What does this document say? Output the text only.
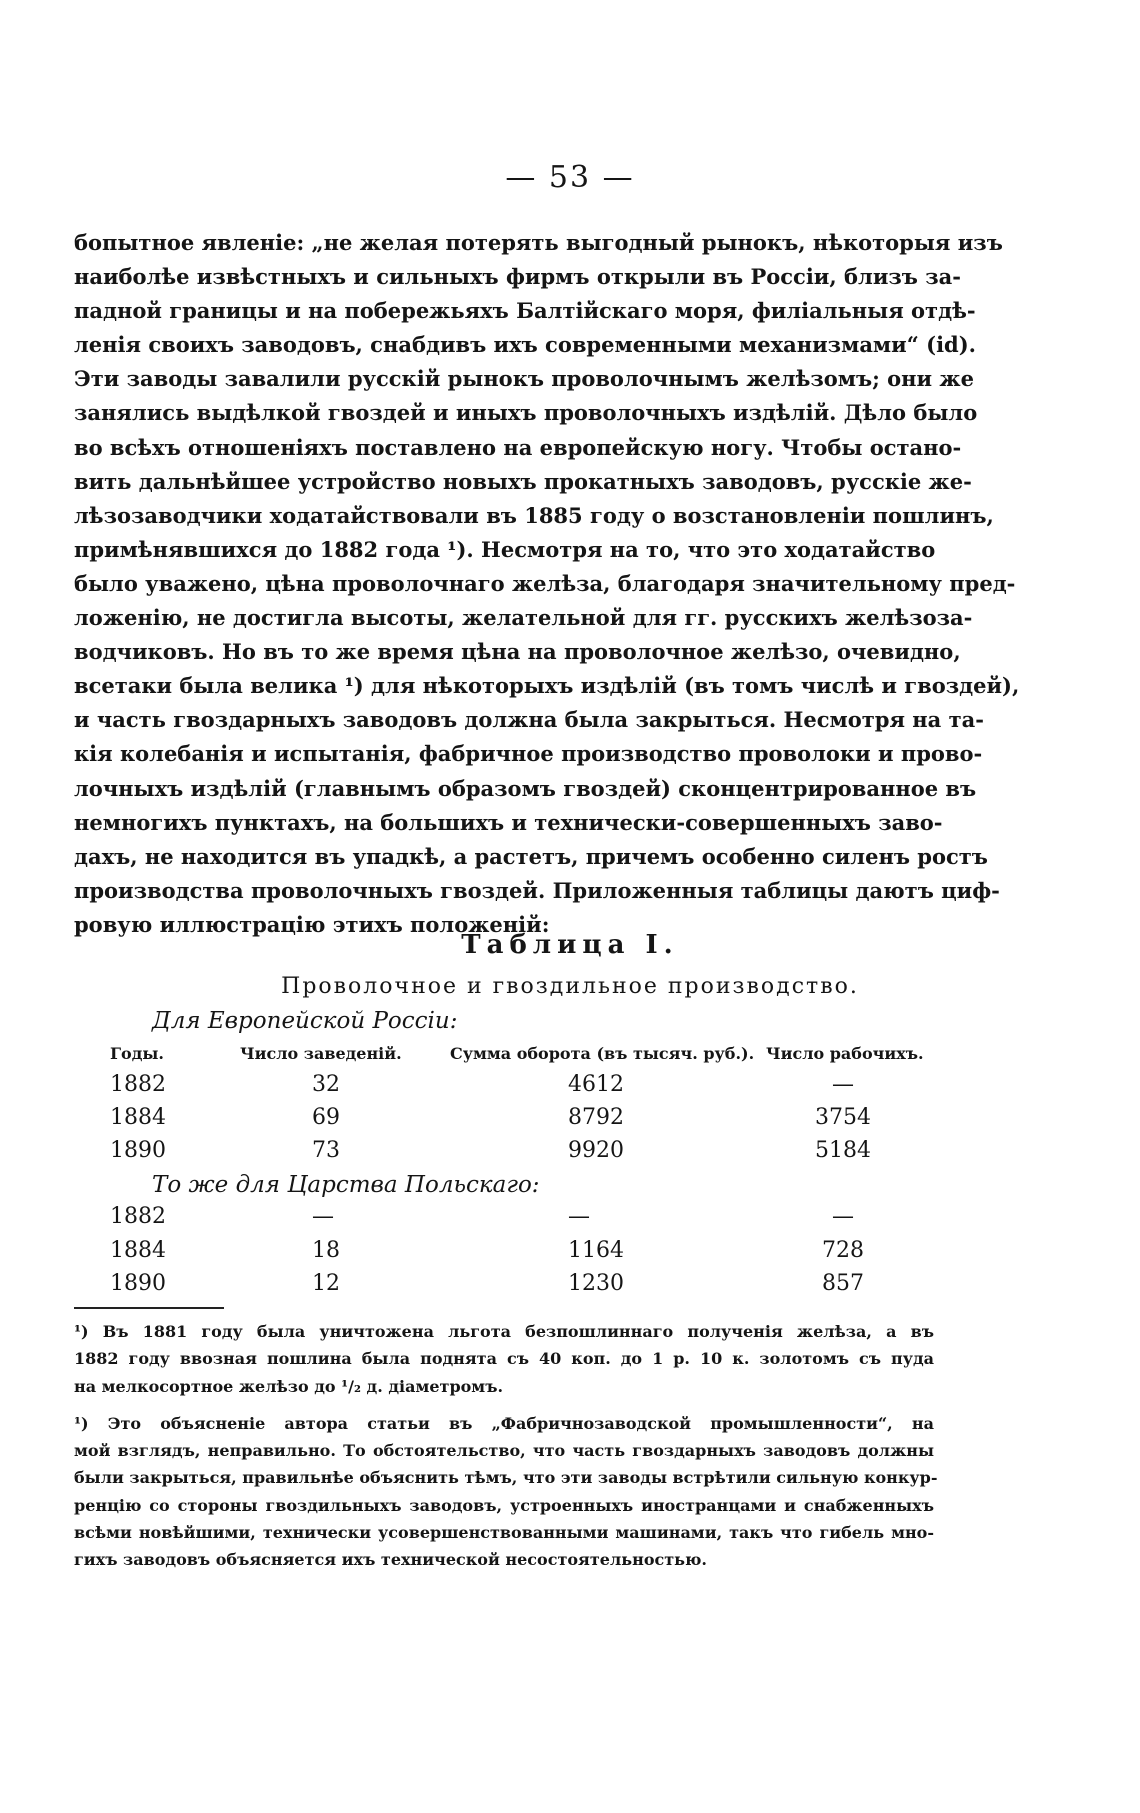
— 53 —
бопытное явленіе: „не желая потерять выгодный рынокъ, нѣкоторыя изъ
наиболѣе извѣстныхъ и сильныхъ фирмъ открыли въ Россіи, близъ за-
падной границы и на побережьяхъ Балтійскаго моря, филіальныя отдѣ-
ленія своихъ заводовъ, снабдивъ ихъ современными механизмами“ (id).
Эти заводы завалили русскій рынокъ проволочнымъ желѣзомъ; они же
занялись выдѣлкой гвоздей и иныхъ проволочныхъ издѣлій. Дѣло было
во всѣхъ отношеніяхъ поставлено на европейскую ногу. Чтобы остано-
вить дальнѣйшее устройство новыхъ прокатныхъ заводовъ, русскіе же-
лѣзозаводчики ходатайствовали въ 1885 году о возстановленіи пошлинъ,
примѣнявшихся до 1882 года ¹). Несмотря на то, что это ходатайство
было уважено, цѣна проволочнаго желѣза, благодаря значительному пред-
ложенію, не достигла высоты, желательной для гг. русскихъ желѣзоза-
водчиковъ. Но въ то же время цѣна на проволочное желѣзо, очевидно,
всетаки была велика ¹) для нѣкоторыхъ издѣлій (въ томъ числѣ и гвоздей),
и часть гвоздарныхъ заводовъ должна была закрыться. Несмотря на та-
кія колебанія и испытанія, фабричное производство проволоки и прово-
лочныхъ издѣлій (главнымъ образомъ гвоздей) сконцентрированное въ
немногихъ пунктахъ, на большихъ и технически-совершенныхъ заво-
дахъ, не находится въ упадкѣ, а растетъ, причемъ особенно силенъ ростъ
производства проволочныхъ гвоздей. Приложенныя таблицы даютъ циф-
ровую иллюстрацію этихъ положеній:
Таблица I.
Проволочное и гвоздильное производство.
Для Европейской Россіи:
Годы.	Число заведеній.	Сумма оборота (въ тысяч. руб.). Число рабочихъ.
1882	32	4612	—
1884	69	8792	3754
1890	73	9920	5184
То же для Царства Польскаго:
1882	—	—	—
1884	18	1164	728
1890	12	1230	857
¹) Въ 1881 году была уничтожена льгота безпошлиннаго полученія желѣза, а въ
1882 году ввозная пошлина была поднята съ 40 коп. до 1 р. 10 к. золотомъ съ пуда
на мелкосортное желѣзо до ¹/₂ д. діаметромъ.
¹) Это объясненіе автора статьи въ „Фабричнозаводской промышленности“, на
мой взглядъ, неправильно. То обстоятельство, что часть гвоздарныхъ заводовъ должны
были закрыться, правильнѣе объяснить тѣмъ, что эти заводы встрѣтили сильную конкур-
ренцію со стороны гвоздильныхъ заводовъ, устроенныхъ иностранцами и снабженныхъ
всѣми новѣйшими, технически усовершенствованными машинами, такъ что гибель мно-
гихъ заводовъ объясняется ихъ технической несостоятельностью.
